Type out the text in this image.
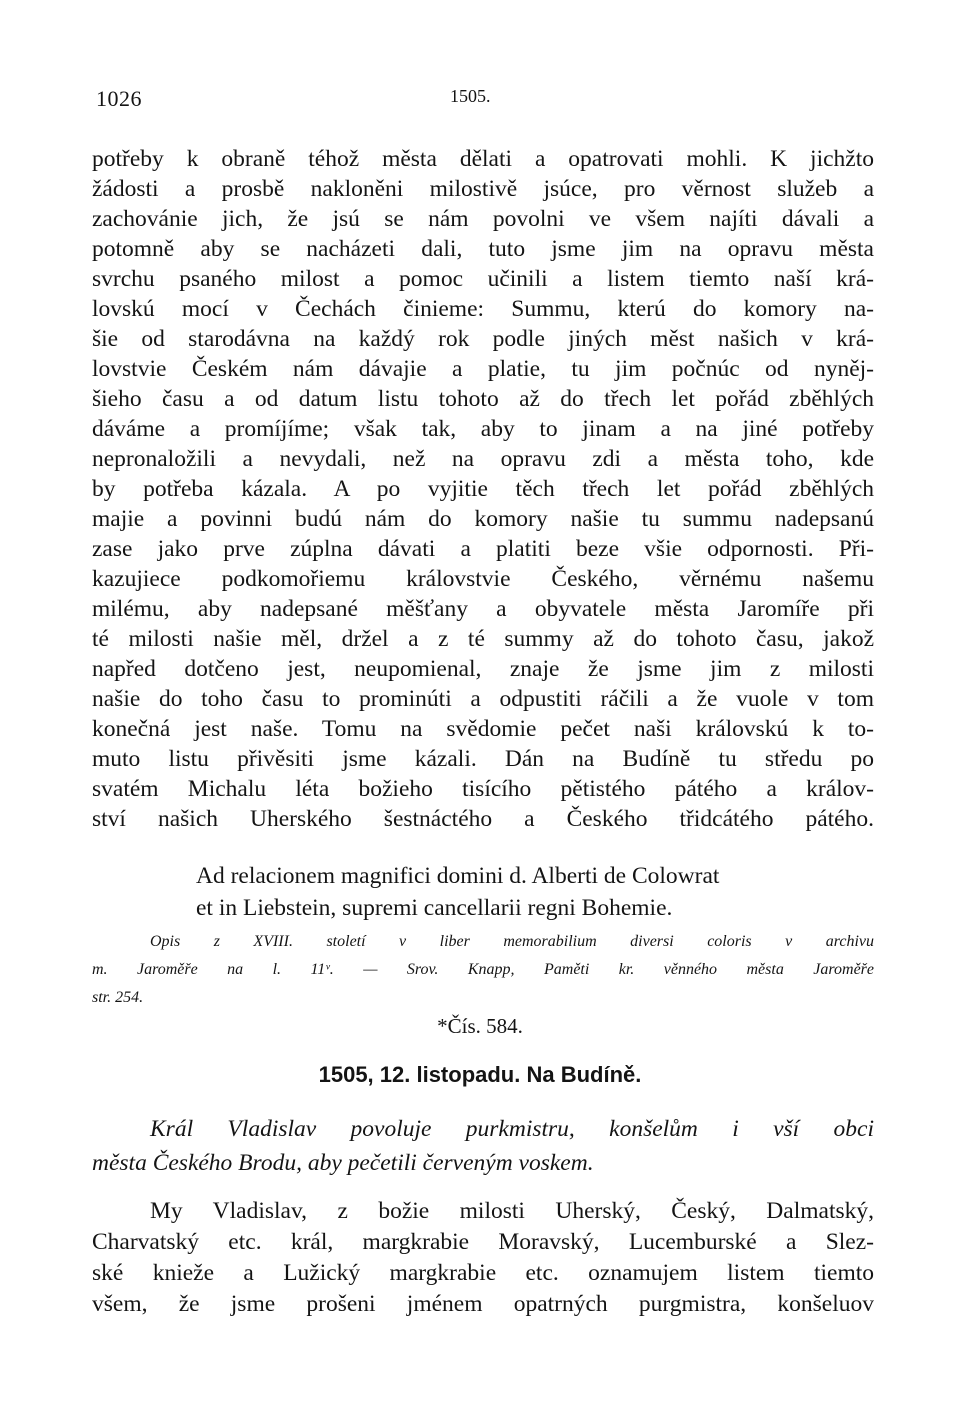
1026	1505.
potřeby k obraně téhož města dělati a opatrovati mohli. K jichžto
žádosti a prosbě nakloněni milostivě jsúce, pro věrnost služeb a
zachovánie jich, že jsú se nám povolni ve všem najíti dávali a
potomně aby se nacházeti dali, tuto jsme jim na opravu města
svrchu psaného milost a pomoc učinili a listem tiemto naší krá-
lovskú mocí v Čechách činieme: Summu, kterú do komory na-
šie od starodávna na každý rok podle jiných měst našich v krá-
lovstvie Českém nám dávajie a platie, tu jim počnúc od nyněj-
šieho času a od datum listu tohoto až do třech let pořád zběhlých
dáváme a promíjíme; však tak, aby to jinam a na jiné potřeby
nepronaložili a nevydali, než na opravu zdi a města toho, kde
by potřeba kázala. A po vyjitie těch třech let pořád zběhlých
majie a povinni budú nám do komory našie tu summu nadepsanú
zase jako prve zúplna dávati a platiti beze všie odpornosti. Při-
kazujiece podkomořiemu královstvie Českého, věrnému našemu
milému, aby nadepsané měšťany a obyvatele města Jaromíře při
té milosti našie měl, držel a z té summy až do tohoto času, jakož
napřed dotčeno jest, neupomienal, znaje že jsme jim z milosti
našie do toho času to prominúti a odpustiti ráčili a že vuole v tom
konečná jest naše. Tomu na svědomie pečet naši královskú k to-
muto listu přivěsiti jsme kázali. Dán na Budíně tu středu po
svatém Michalu léta božieho tisícího pětistého pátého a králov-
ství našich Uherského šestnáctého a Českého třidcátého pátého.
Ad relacionem magnifici domini d. Alberti de Colowrat
et in Liebstein, supremi cancellarii regni Bohemie.
Opis z XVIII. století v liber memorabilium diversi coloris v archivu
m. Jaroměře na l. 11ᵛ. — Srov. Knapp, Paměti kr. věnného města Jaroměře
str. 254.
*Čís. 584.
1505, 12. listopadu. Na Budíně.
Král Vladislav povoluje purkmistru, konšelům i vší obci
města Českého Brodu, aby pečetili červeným voskem.
My Vladislav, z božie milosti Uherský, Český, Dalmatský,
Charvatský etc. král, margkrabie Moravský, Lucemburské a Slez-
ské knieže a Lužický margkrabie etc. oznamujem listem tiemto
všem, že jsme prošeni jménem opatrných purgmistra, konšeluov
